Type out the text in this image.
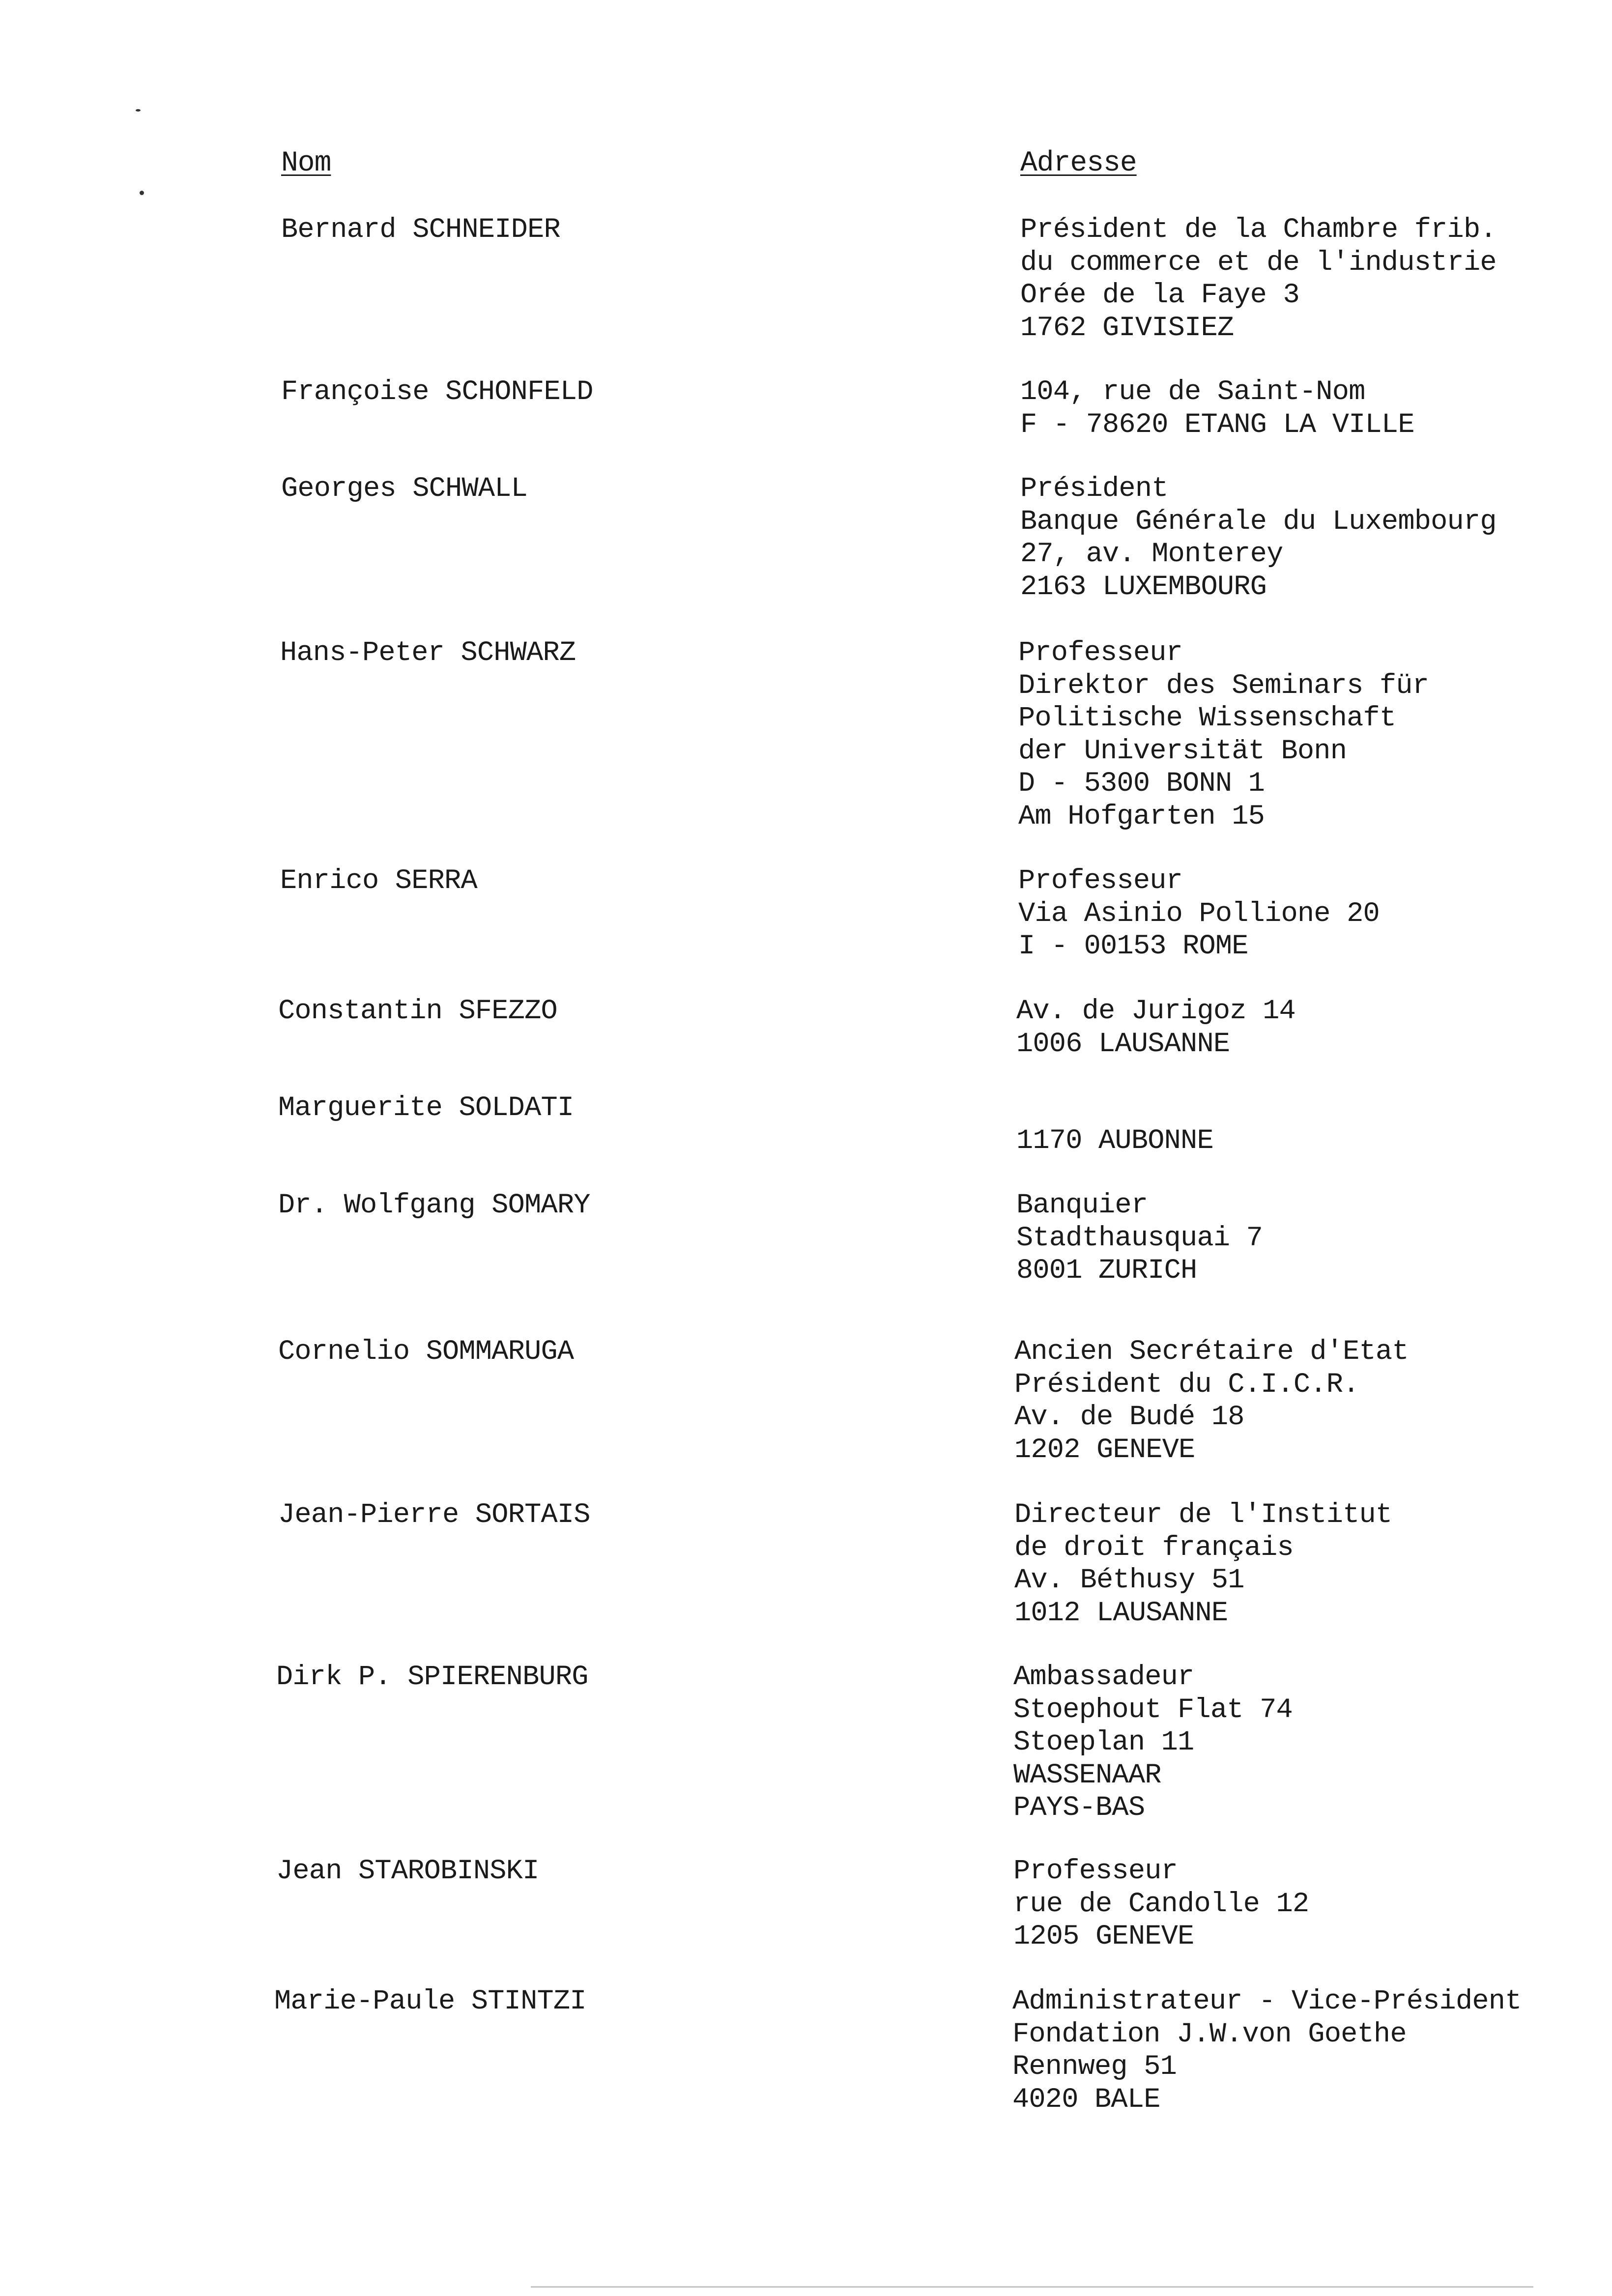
Nom	Adresse
Bernard SCHNEIDER	Président de la Chambre frib.
du commerce et de l'industrie
Orée de la Faye 3
1762 GIVISIEZ
Françoise SCHONFELD	104, rue de Saint-Nom
F - 78620 ETANG LA VILLE
Georges SCHWALL	Président
Banque Générale du Luxembourg
27, av. Monterey
2163 LUXEMBOURG
Hans-Peter SCHWARZ	Professeur
Direktor des Seminars für
Politische Wissenschaft
der Universität Bonn
D - 5300 BONN 1
Am Hofgarten 15
Enrico SERRA	Professeur
Via Asinio Pollione 20
I - 00153 ROME
Constantin SFEZZO	Av. de Jurigoz 14
1006 LAUSANNE
Marguerite SOLDATI

1170 AUBONNE
Dr. Wolfgang SOMARY	Banquier
Stadthausquai 7
8001 ZURICH
Cornelio SOMMARUGA	Ancien Secrétaire d'Etat
Président du C.I.C.R.
Av. de Budé 18
1202 GENEVE
Jean-Pierre SORTAIS	Directeur de l'Institut
de droit français
Av. Béthusy 51
1012 LAUSANNE
Dirk P. SPIERENBURG	Ambassadeur
Stoephout Flat 74
Stoeplan 11
WASSENAAR
PAYS-BAS
Jean STAROBINSKI	Professeur
rue de Candolle 12
1205 GENEVE
Marie-Paule STINTZI	Administrateur - Vice-Président
Fondation J.W.von Goethe
Rennweg 51
4020 BALE
